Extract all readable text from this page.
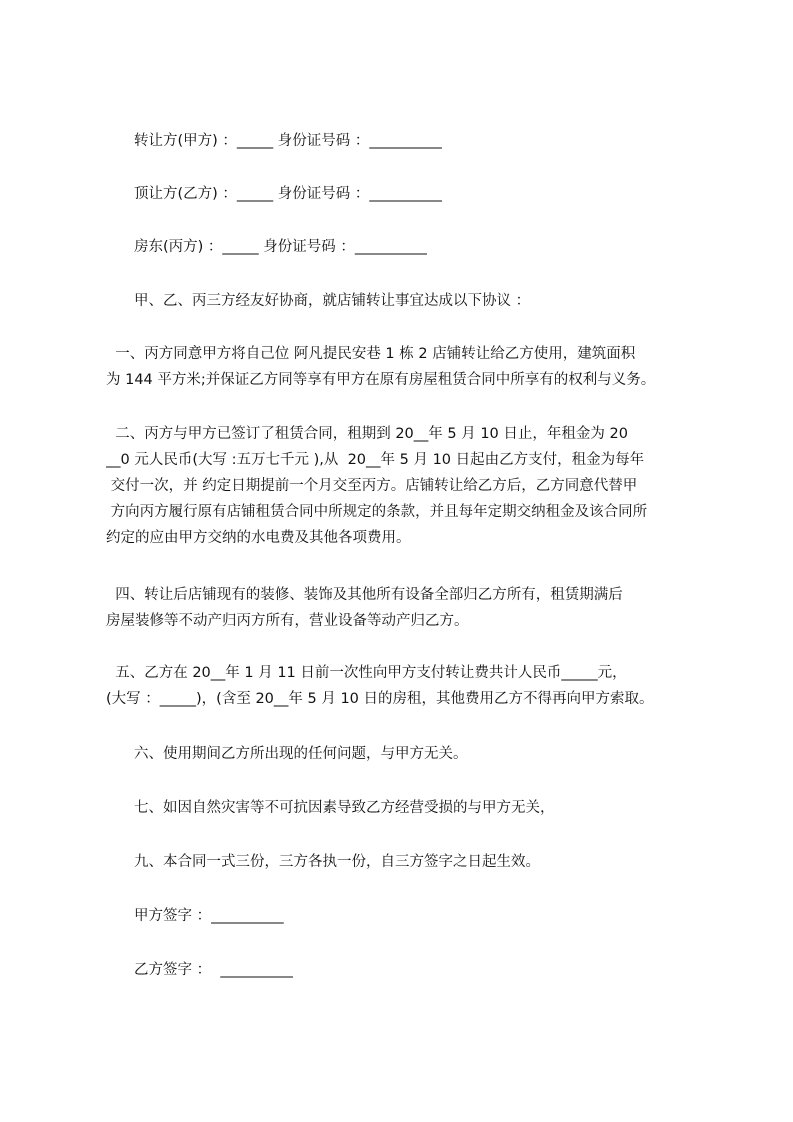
转让方(甲方) ：_____ 身份证号码 ：__________
顶让方(乙方) ：_____ 身份证号码 ：__________
房东(丙方) ：_____ 身份证号码 ：__________
甲、乙、丙三方经友好协商，就店铺转让事宜达成以下协议 ：
一、丙方同意甲方将自己位 阿凡提民安巷 1 栋 2 店铺转让给乙方使用，建筑面积
为 144 平方米;并保证乙方同等享有甲方在原有房屋租赁合同中所享有的权利与义务。
二、丙方与甲方已签订了租赁合同，租期到 20__年 5 月 10 日止，年租金为 20
__0 元人民币(大写 :五万七千元 ),从  20__年 5 月 10 日起由乙方支付，租金为每年
交付一次，并 约定日期提前一个月交至丙方。店铺转让给乙方后，乙方同意代替甲
方向丙方履行原有店铺租赁合同中所规定的条款，并且每年定期交纳租金及该合同所
约定的应由甲方交纳的水电费及其他各项费用。
四、转让后店铺现有的装修、装饰及其他所有设备全部归乙方所有，租赁期满后
房屋装修等不动产归丙方所有，营业设备等动产归乙方。
五、乙方在 20__年 1 月 11 日前一次性向甲方支付转让费共计人民币_____元，
(大写 ：_____)，(含至 20__年 5 月 10 日的房租，其他费用乙方不得再向甲方索取。
六、使用期间乙方所出现的任何问题，与甲方无关。
七、如因自然灾害等不可抗因素导致乙方经营受损的与甲方无关，
九、本合同一式三份，三方各执一份，自三方签字之日起生效。
甲方签字 ：__________
乙方签字 ：  __________
